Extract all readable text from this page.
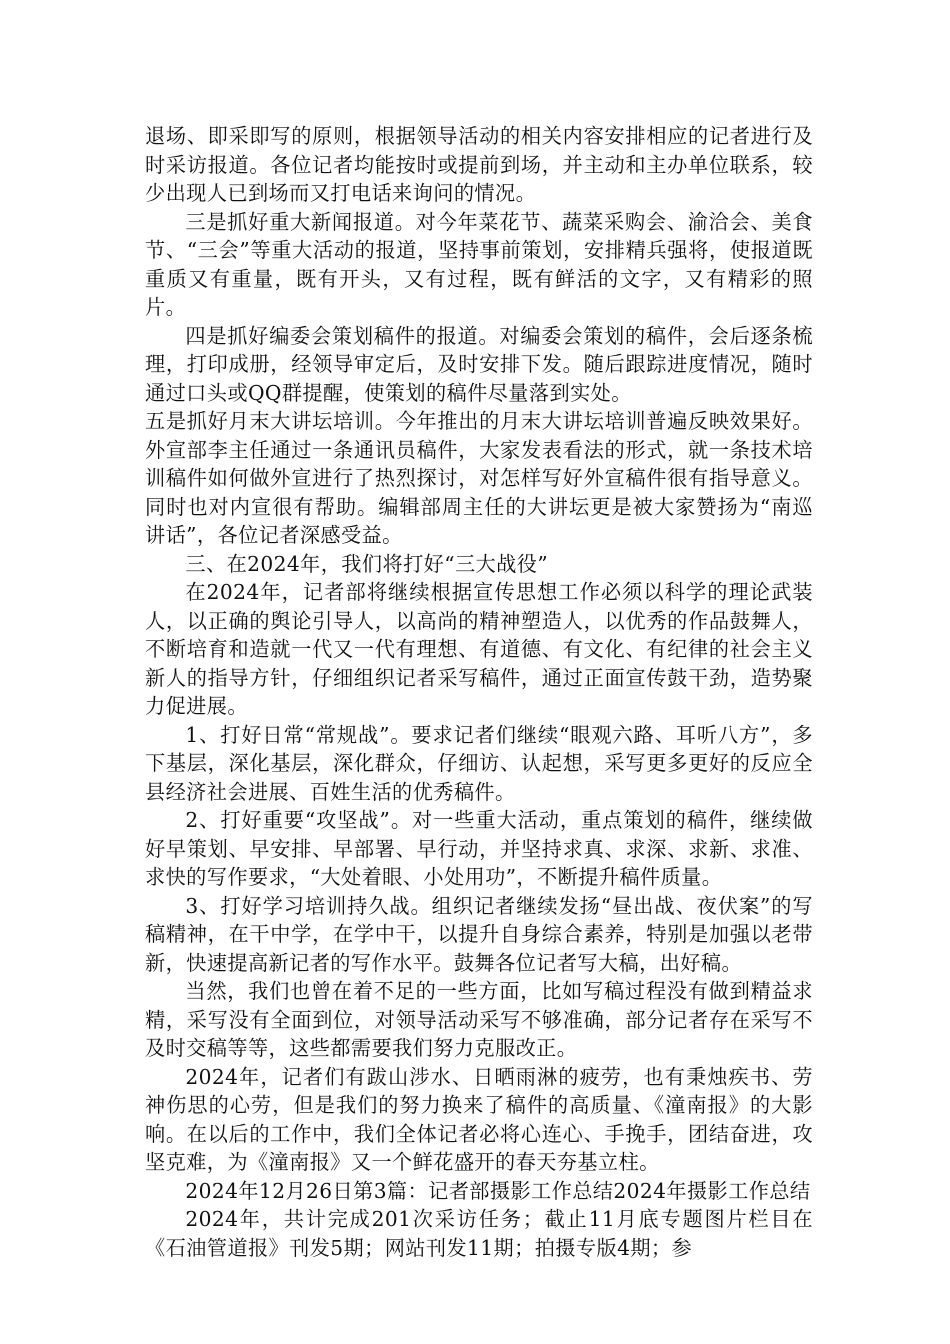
退场、即采即写的原则，根据领导活动的相关内容安排相应的记者进行及时采访报道。各位记者均能按时或提前到场，并主动和主办单位联系，较少出现人已到场而又打电话来询问的情况。

三是抓好重大新闻报道。对今年菜花节、蔬菜采购会、渝洽会、美食节、“三会”等重大活动的报道，坚持事前策划，安排精兵强将，使报道既重质又有重量，既有开头，又有过程，既有鲜活的文字，又有精彩的照片。

四是抓好编委会策划稿件的报道。对编委会策划的稿件，会后逐条梳理，打印成册，经领导审定后，及时安排下发。随后跟踪进度情况，随时通过口头或QQ群提醒，使策划的稿件尽量落到实处。

五是抓好月末大讲坛培训。今年推出的月末大讲坛培训普遍反映效果好。外宣部李主任通过一条通讯员稿件，大家发表看法的形式，就一条技术培训稿件如何做外宣进行了热烈探讨，对怎样写好外宣稿件很有指导意义。同时也对内宣很有帮助。编辑部周主任的大讲坛更是被大家赞扬为“南巡讲话”，各位记者深感受益。

三、在2024年，我们将打好“三大战役”

在2024年，记者部将继续根据宣传思想工作必须以科学的理论武装人，以正确的舆论引导人，以高尚的精神塑造人，以优秀的作品鼓舞人，不断培育和造就一代又一代有理想、有道德、有文化、有纪律的社会主义新人的指导方针，仔细组织记者采写稿件，通过正面宣传鼓干劲，造势聚力促进展。

1、打好日常“常规战”。要求记者们继续“眼观六路、耳听八方”，多下基层，深化基层，深化群众，仔细访、认起想，采写更多更好的反应全县经济社会进展、百姓生活的优秀稿件。

2、打好重要“攻坚战”。对一些重大活动，重点策划的稿件，继续做好早策划、早安排、早部署、早行动，并坚持求真、求深、求新、求准、求快的写作要求，“大处着眼、小处用功”，不断提升稿件质量。

3、打好学习培训持久战。组织记者继续发扬“昼出战、夜伏案”的写稿精神，在干中学，在学中干，以提升自身综合素养，特别是加强以老带新，快速提高新记者的写作水平。鼓舞各位记者写大稿，出好稿。

当然，我们也曾在着不足的一些方面，比如写稿过程没有做到精益求精，采写没有全面到位，对领导活动采写不够准确，部分记者存在采写不及时交稿等等，这些都需要我们努力克服改正。

2024年，记者们有跋山涉水、日晒雨淋的疲劳，也有秉烛疾书、劳神伤思的心劳，但是我们的努力换来了稿件的高质量、《潼南报》的大影响。在以后的工作中，我们全体记者必将心连心、手挽手，团结奋进，攻坚克难，为《潼南报》又一个鲜花盛开的春天夯基立柱。

2024年12月26日第3篇：记者部摄影工作总结2024年摄影工作总结

2024年，共计完成201次采访任务；截止11月底专题图片栏目在《石油管道报》刊发5期；网站刊发11期；拍摄专版4期；参
